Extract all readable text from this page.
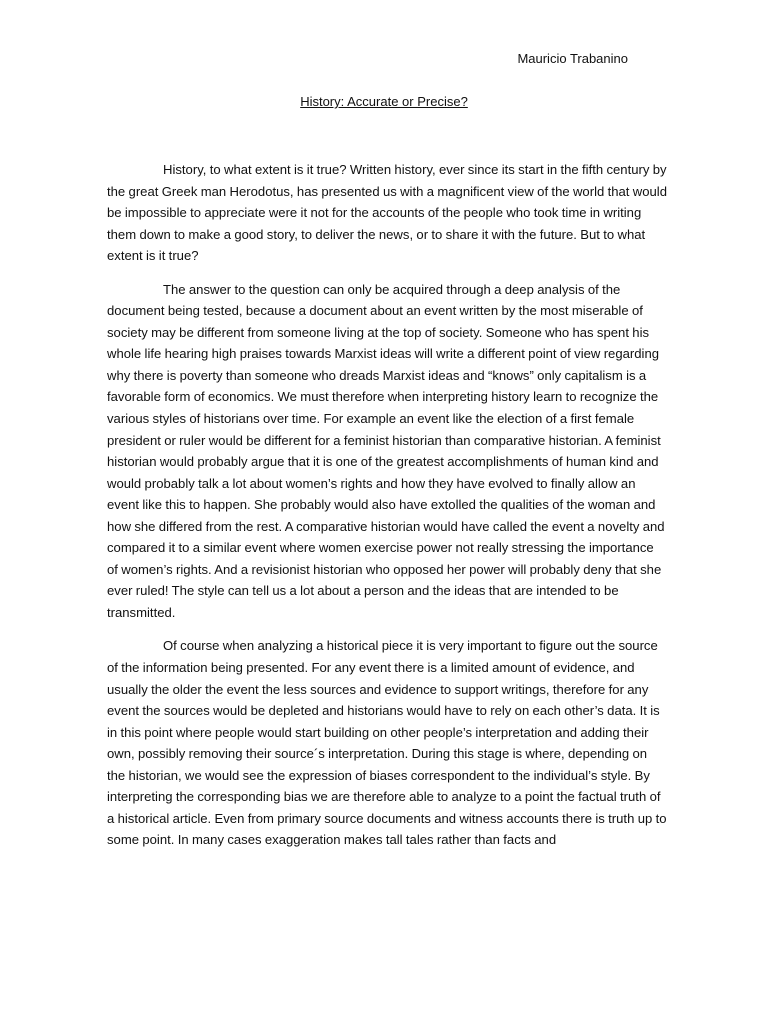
Mauricio Trabanino
History: Accurate or Precise?

History, to what extent is it true? Written history, ever since its start in the fifth century by the great Greek man Herodotus, has presented us with a magnificent view of the world that would be impossible to appreciate were it not for the accounts of the people who took time in writing them down to make a good story, to deliver the news, or to share it with the future. But to what extent is it true?

The answer to the question can only be acquired through a deep analysis of the document being tested, because a document about an event written by the most miserable of society may be different from someone living at the top of society. Someone who has spent his whole life hearing high praises towards Marxist ideas will write a different point of view regarding why there is poverty than someone who dreads Marxist ideas and “knows” only capitalism is a favorable form of economics. We must therefore when interpreting history learn to recognize the various styles of historians over time. For example an event like the election of a first female president or ruler would be different for a feminist historian than comparative historian. A feminist historian would probably argue that it is one of the greatest accomplishments of human kind and would probably talk a lot about women’s rights and how they have evolved to finally allow an event like this to happen. She probably would also have extolled the qualities of the woman and how she differed from the rest. A comparative historian would have called the event a novelty and compared it to a similar event where women exercise power not really stressing the importance of women’s rights. And a revisionist historian who opposed her power will probably deny that she ever ruled! The style can tell us a lot about a person and the ideas that are intended to be transmitted.

Of course when analyzing a historical piece it is very important to figure out the source of the information being presented. For any event there is a limited amount of evidence, and usually the older the event the less sources and evidence to support writings, therefore for any event the sources would be depleted and historians would have to rely on each other’s data. It is in this point where people would start building on other people’s interpretation and adding their own, possibly removing their source´s interpretation. During this stage is where, depending on the historian, we would see the expression of biases correspondent to the individual’s style. By interpreting the corresponding bias we are therefore able to analyze to a point the factual truth of a historical article. Even from primary source documents and witness accounts there is truth up to some point. In many cases exaggeration makes tall tales rather than facts and
